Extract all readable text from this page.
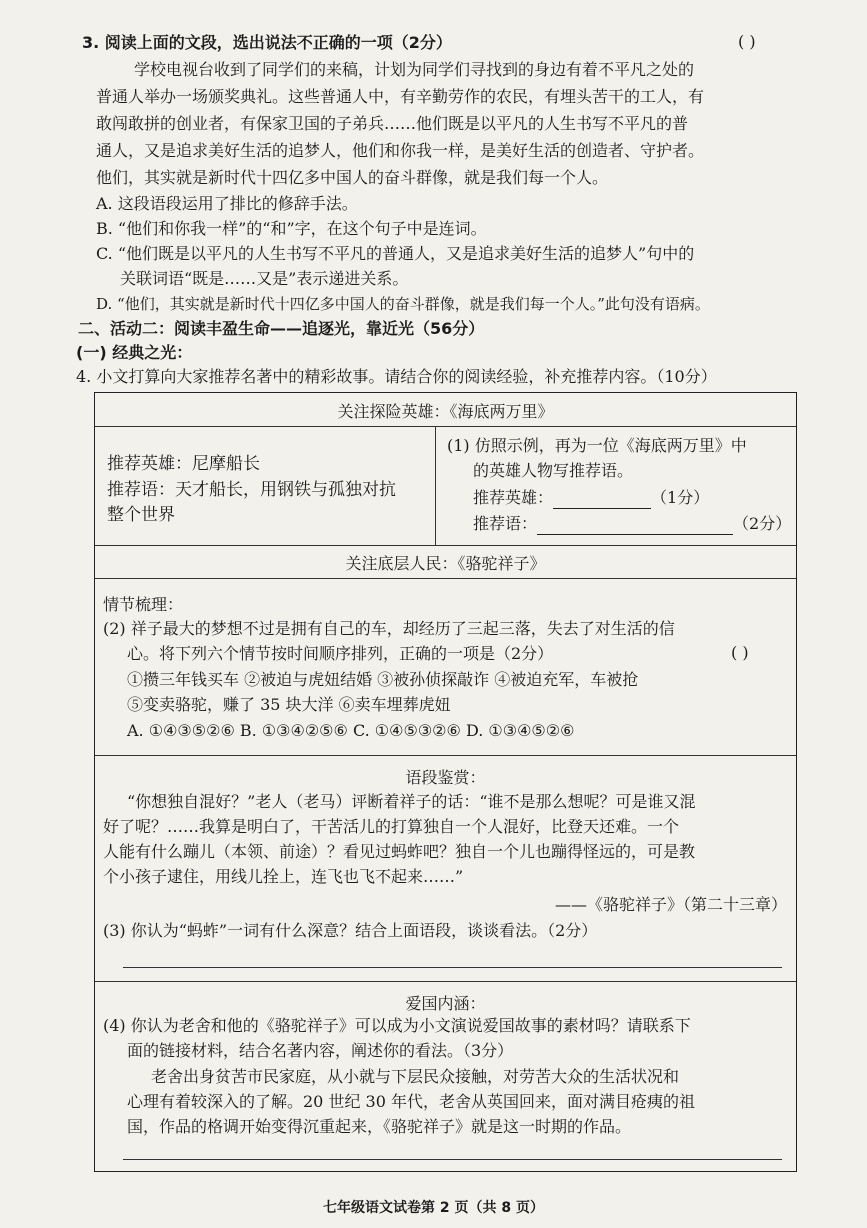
3. 阅读上面的文段，选出说法不正确的一项（2分）	( )
学校电视台收到了同学们的来稿，计划为同学们寻找到的身边有着不平凡之处的
普通人举办一场颁奖典礼。这些普通人中，有辛勤劳作的农民，有埋头苦干的工人，有
敢闯敢拼的创业者，有保家卫国的子弟兵……他们既是以平凡的人生书写不平凡的普
通人，又是追求美好生活的追梦人，他们和你我一样，是美好生活的创造者、守护者。
他们，其实就是新时代十四亿多中国人的奋斗群像，就是我们每一个人。
A. 这段语段运用了排比的修辞手法。
B. “他们和你我一样”的“和”字，在这个句子中是连词。
C. “他们既是以平凡的人生书写不平凡的普通人，又是追求美好生活的追梦人”句中的
关联词语“既是……又是”表示递进关系。
D. “他们，其实就是新时代十四亿多中国人的奋斗群像，就是我们每一个人。”此句没有语病。
二、活动二：阅读丰盈生命——追逐光，靠近光（56分）
(一) 经典之光：
4. 小文打算向大家推荐名著中的精彩故事。请结合你的阅读经验，补充推荐内容。（10分）
关注探险英雄：《海底两万里》
推荐英雄：尼摩船长
推荐语：天才船长，用钢铁与孤独对抗
整个世界
(1) 仿照示例，再为一位《海底两万里》中
的英雄人物写推荐语。
推荐英雄：	（1分）
推荐语：	（2分）
关注底层人民：《骆驼祥子》
情节梳理：
(2) 祥子最大的梦想不过是拥有自己的车，却经历了三起三落，失去了对生活的信
心。将下列六个情节按时间顺序排列，正确的一项是（2分）	( )
①攒三年钱买车 ②被迫与虎妞结婚 ③被孙侦探敲诈 ④被迫充军，车被抢
⑤变卖骆驼，赚了 35 块大洋 ⑥卖车埋葬虎妞
A. ①④③⑤②⑥ B. ①③④②⑤⑥ C. ①④⑤③②⑥ D. ①③④⑤②⑥
语段鉴赏：
“你想独自混好？”老人（老马）评断着祥子的话：“谁不是那么想呢？可是谁又混
好了呢？……我算是明白了，干苦活儿的打算独自一个人混好，比登天还难。一个
人能有什么蹦儿（本领、前途）？看见过蚂蚱吧？独自一个儿也蹦得怪远的，可是教
个小孩子逮住，用线儿拴上，连飞也飞不起来……”
——《骆驼祥子》（第二十三章）
(3) 你认为“蚂蚱”一词有什么深意？结合上面语段，谈谈看法。（2分）
爱国内涵：
(4) 你认为老舍和他的《骆驼祥子》可以成为小文演说爱国故事的素材吗？请联系下
面的链接材料，结合名著内容，阐述你的看法。（3分）
老舍出身贫苦市民家庭，从小就与下层民众接触，对劳苦大众的生活状况和
心理有着较深入的了解。20 世纪 30 年代，老舍从英国回来，面对满目疮痍的祖
国，作品的格调开始变得沉重起来，《骆驼祥子》就是这一时期的作品。
七年级语文试卷第 2 页（共 8 页）
